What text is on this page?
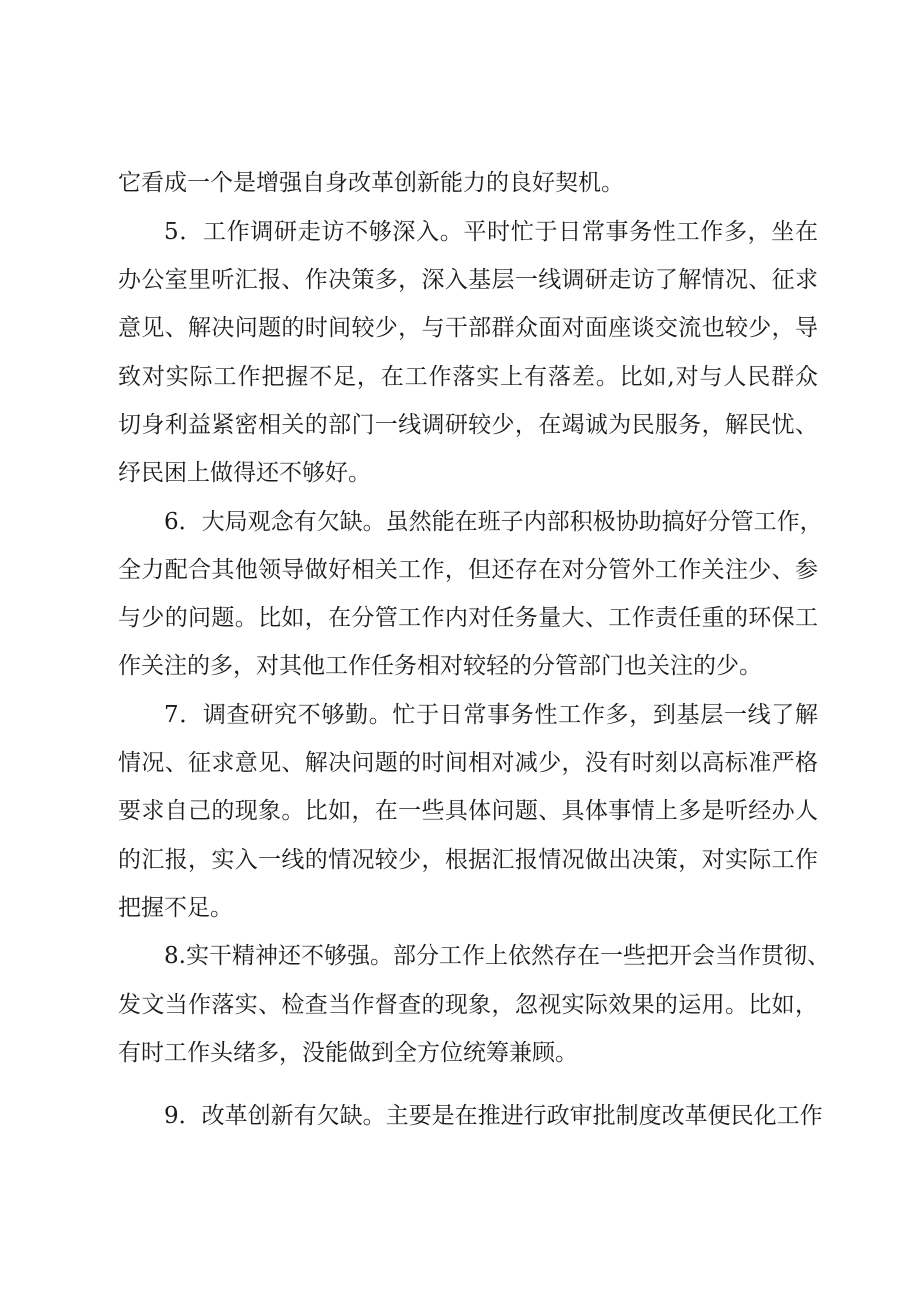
它看成一个是增强自身改革创新能力的良好契机。
5．工作调研走访不够深入。平时忙于日常事务性工作多，坐在
办公室里听汇报、作决策多，深入基层一线调研走访了解情况、征求
意见、解决问题的时间较少，与干部群众面对面座谈交流也较少，导
致对实际工作把握不足，在工作落实上有落差。比如,对与人民群众
切身利益紧密相关的部门一线调研较少，在竭诚为民服务，解民忧、
纾民困上做得还不够好。
6．大局观念有欠缺。虽然能在班子内部积极协助搞好分管工作，
全力配合其他领导做好相关工作，但还存在对分管外工作关注少、参
与少的问题。比如，在分管工作内对任务量大、工作责任重的环保工
作关注的多，对其他工作任务相对较轻的分管部门也关注的少。
7．调查研究不够勤。忙于日常事务性工作多，到基层一线了解
情况、征求意见、解决问题的时间相对减少，没有时刻以高标准严格
要求自己的现象。比如，在一些具体问题、具体事情上多是听经办人
的汇报，实入一线的情况较少，根据汇报情况做出决策，对实际工作
把握不足。
8.实干精神还不够强。部分工作上依然存在一些把开会当作贯彻、
发文当作落实、检查当作督查的现象，忽视实际效果的运用。比如，
有时工作头绪多，没能做到全方位统筹兼顾。
9．改革创新有欠缺。主要是在推进行政审批制度改革便民化工作
